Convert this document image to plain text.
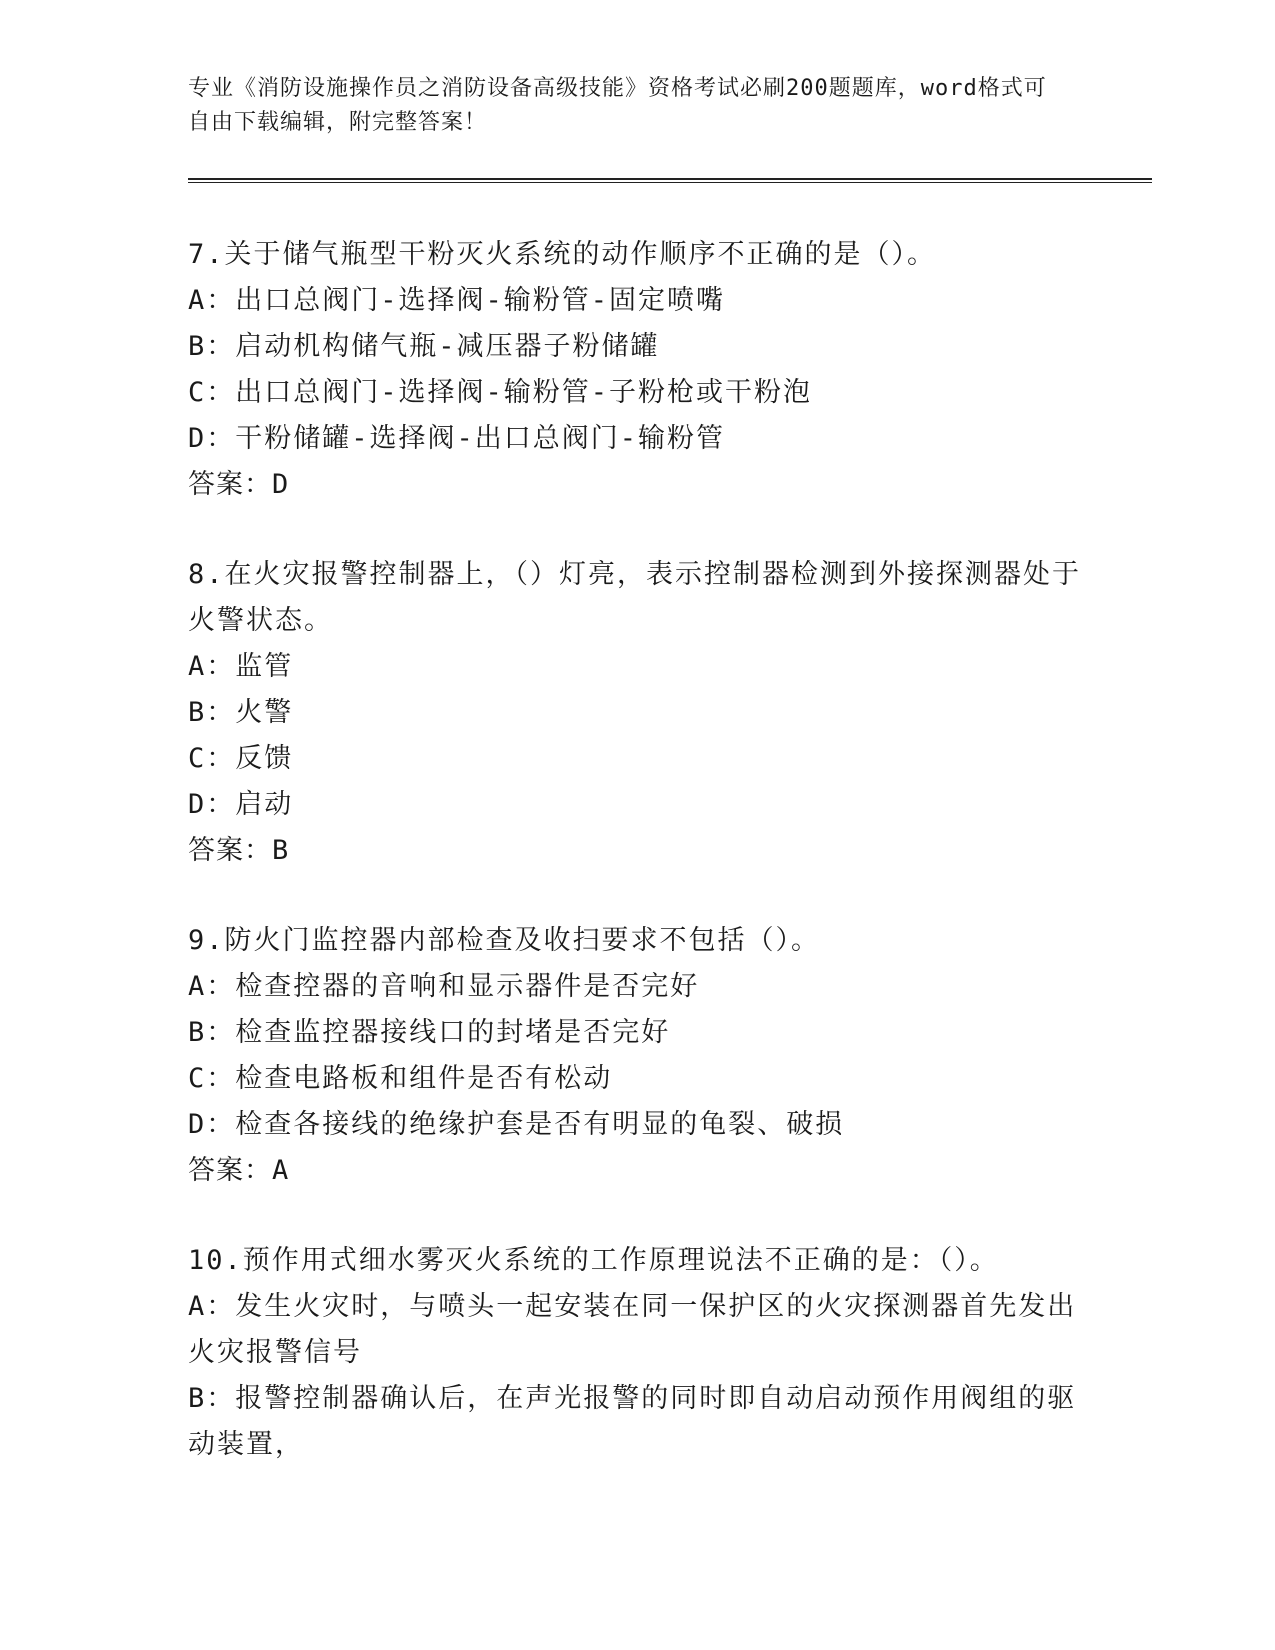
专业《消防设施操作员之消防设备高级技能》资格考试必刷200题题库，word格式可自由下载编辑，附完整答案！
7.关于储气瓶型干粉灭火系统的动作顺序不正确的是（）。
A：出口总阀门-选择阀-输粉管-固定喷嘴
B：启动机构储气瓶-减压器子粉储罐
C：出口总阀门-选择阀-输粉管-子粉枪或干粉泡
D：干粉储罐-选择阀-出口总阀门-输粉管
答案：D
8.在火灾报警控制器上，（）灯亮，表示控制器检测到外接探测器处于火警状态。
A：监管
B：火警
C：反馈
D：启动
答案：B
9.防火门监控器内部检查及收扫要求不包括（）。
A：检查控器的音响和显示器件是否完好
B：检查监控器接线口的封堵是否完好
C：检查电路板和组件是否有松动
D：检查各接线的绝缘护套是否有明显的龟裂、破损
答案：A
10.预作用式细水雾灭火系统的工作原理说法不正确的是：（）。
A：发生火灾时，与喷头一起安装在同一保护区的火灾探测器首先发出火灾报警信号
B：报警控制器确认后，在声光报警的同时即自动启动预作用阀组的驱动装置，
